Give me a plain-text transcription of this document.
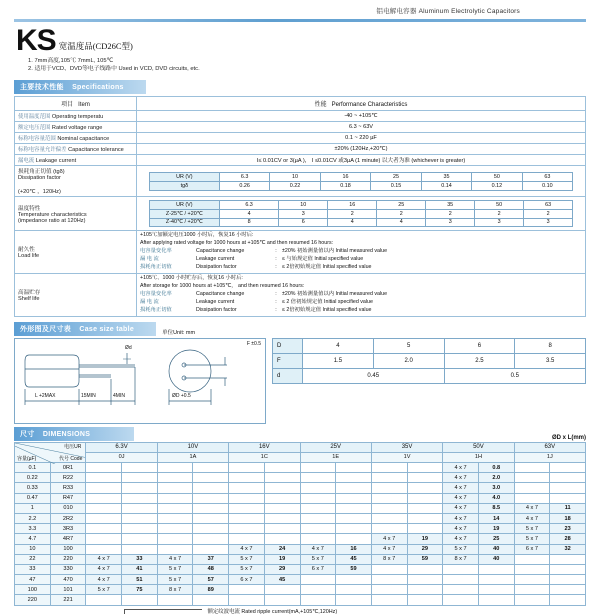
铝电解电容器 Aluminum Electrolytic Capacitors
KS 宽温度品(CD26C型)
1. 7mm高度,105℃ 7mmL, 105℃
2. 适用于VCD、DVD等电子线路中 Used in VCD, DVD circuits, etc.
主要技术性能 Specifications
项目 Item	性能 Performance Characteristics
使用温度范围 Operating temperatu	-40 ~ +105℃
额定电压范围 Rated voltage range	6.3 ~ 63V
标称电容量范围 Nominal capacitance	0.1 ~ 220 µF
标称电容量允许偏差 Capacitance tolerance	±20% (120Hz,+20℃)
漏电流 Leakage current	I≤ 0.01CV or 3(µA )， I ≤0.01CV 或3µA (1 minute) 以大者为准 (whichever is greater)

损耗角正切值 (tgδ)
Dissipation factor
(+20℃ ，120Hz)

UR (V)	6.3	10	16	25	35	50	63
tgδ	0.26	0.22	0.18	0.15	0.14	0.12	0.10

温度特性
Temperature characteristics
(impedance ratio at 120Hz)

UR (V)	6.3	10	16	25	35	50	63
Z-25℃ / +20℃	4	3	2	2	2	2	2
Z-40℃ / +20℃	8	6	4	4	3	3	3

耐久性
Load life

+105℃加额定电压1000 小时后，恢复16 小时后:
After applying rated voltage for 1000 hours at +105℃ and then resumed 16 hours:
电容量变化率	Capacitance change	: ±20% 初始测量值以内 Initial measured value
漏 电 流	Leakage current	: ≤ 与始规定值 Initial specified value
损耗角正切值	Dissipation factor	: ≤ 2倍初始规定值 Initial specified value

高温贮存
Shelf life

+105℃、1000 小时贮存后，恢复16 小时后:
After storage for 1000 hours at +105℃， and then resumed 16 hours:
电容量变化率	Capacitance change	: ±20% 初始测量值以内 Initial measured value
漏 电 流	Leakage current	: ≤ 2 倍初始规定值 Initial specified value
损耗角正切值	Dissipation factor	: ≤ 2倍初始规定值 Initial specified value
外形图及尺寸表 Case size table	单位Unit: mm
L +2MAX	15MIN	4MIN
Ød
ØD +0.5
F ±0.5	D	4	5	6	8
F	1.5	2.0	2.5	3.5
d	0.45		0.5	
尺寸 DIMENSIONS	ØD x L(mm)
电压UR
容量(µF) 代号 Code		6.3V		10V		16V		25V		35V		50V		63V	
		0J		1A		1C		1E		1V		1H		1J	
0.1	0R1											4 x 7	0.8		
0.22	R22											4 x 7	2.0		
0.33	R33											4 x 7	3.0		
0.47	R47											4 x 7	4.0		
1	010											4 x 7	8.5	4 x 7	11
2.2	2R2											4 x 7	14	4 x 7	18
3.3	3R3											4 x 7	19	5 x 7	23
4.7	4R7									4 x 7	19	4 x 7	25	5 x 7	28
10	100					4 x 7	24	4 x 7	16	4 x 7	29	5 x 7	40	6 x 7	32
22	220	4 x 7	33	4 x 7	37	5 x 7	19	5 x 7	45	8 x 7	59	8 x 7	40		
33	330	4 x 7	41	5 x 7	48	5 x 7	29	6 x 7	59						
47	470	4 x 7	51	5 x 7	57	6 x 7	45								
100	101	5 x 7	75	8 x 7	89										
220	221														
额定纹波电流 Rated ripple current(mA,+105℃,120Hz)
